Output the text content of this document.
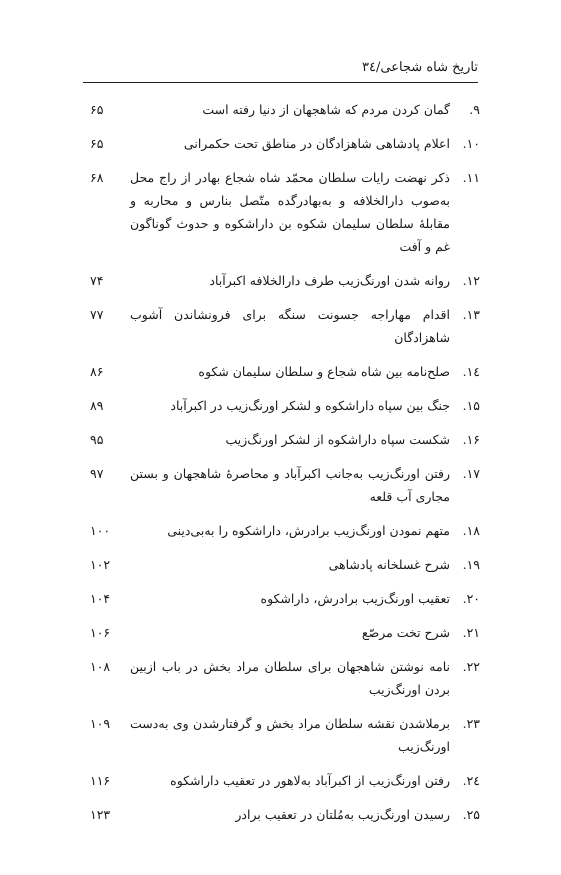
تاریخ شاه شجاعی/۳٤
۹.
گمان کردن مردم که شاهجهان از دنیا رفته است
۶۵
۱۰.
اعلام پادشاهی شاهزادگان در مناطق تحت حکمرانی
۶۵
۱۱.
ذکر نهضت رایات سلطان محمّد شاه شجاع بهادر از راج محل به‌صوب دارالخلافه و به‌بهادرگده متّصل بنارس و محاربه و مقابلۀ سلطان سلیمان شکوه بن داراشکوه و حدوث گوناگون غم و آفت
۶۸
۱۲.
روانه شدن اورنگ‌زیب طرف دارالخلافه اکبرآباد
۷۴
۱۳.
اقدام مهاراجه جسونت سنگه برای فرونشاندن آشوب شاهزادگان
۷۷
۱٤.
صلح‌نامه بین شاه شجاع و سلطان سلیمان شکوه
۸۶
۱۵.
جنگ بین سپاه داراشکوه و لشکر اورنگ‌زیب در اکبرآباد
۸۹
۱۶.
شکست سپاه داراشکوه از لشکر اورنگ‌زیب
۹۵
۱۷.
رفتن اورنگ‌زیب به‌جانب اکبرآباد و محاصرۀ شاهجهان و بستن مجاری آب قلعه
۹۷
۱۸.
متهم نمودن اورنگ‌زیب برادرش، داراشکوه را به‌بی‌دینی
۱۰۰
۱۹.
شرح غسلخانه پادشاهی
۱۰۲
۲۰.
تعقیب اورنگ‌زیب برادرش، داراشکوه
۱۰۴
۲۱.
شرح تخت مرصّع
۱۰۶
۲۲.
نامه نوشتن شاهجهان برای سلطان مراد بخش در باب ازبین بردن اورنگ‌زیب
۱۰۸
۲۳.
برملاشدن نقشه سلطان مراد بخش و گرفتارشدن وی به‌دست اورنگ‌زیب
۱۰۹
۲٤.
رفتن اورنگ‌زیب از اکبرآباد به‌لاهور در تعقیب داراشکوه
۱۱۶
۲۵.
رسیدن اورنگ‌زیب به‌مُلتان در تعقیب برادر
۱۲۳
